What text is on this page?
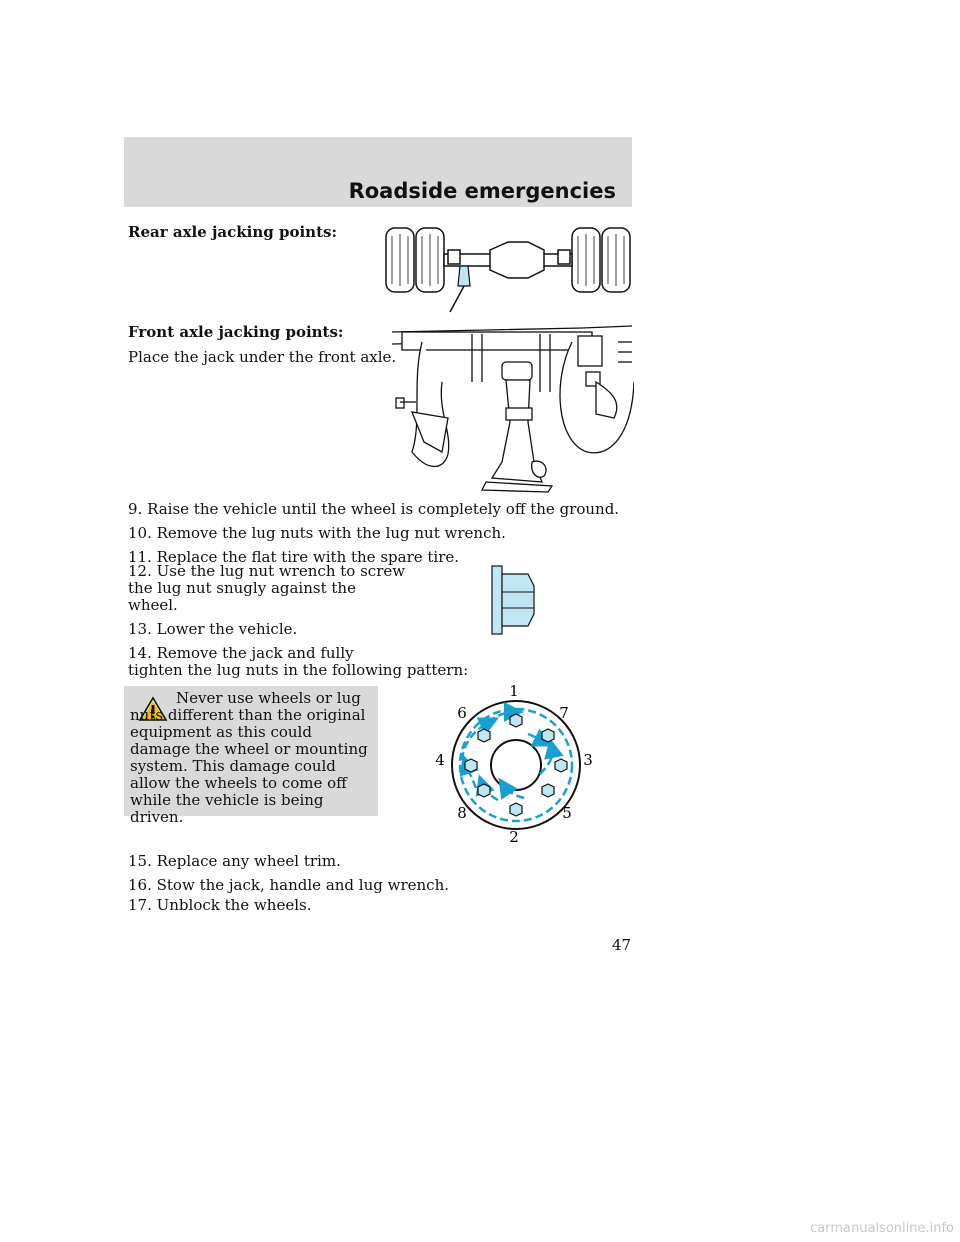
Roadside emergencies
Rear axle jacking points:
Front axle jacking points:
Place the jack under the front axle.
9. Raise the vehicle until the wheel is completely off the ground.
10. Remove the lug nuts with the lug nut wrench.
11. Replace the flat tire with the spare tire.
12. Use the lug nut wrench to screw
the lug nut snugly against the
wheel.
13. Lower the vehicle.
14. Remove the jack and fully
tighten the lug nuts in the following pattern:

Never use wheels or lug nuts different than the original equipment as this could damage the wheel or mounting system. This damage could allow the wheels to come off while the vehicle is being driven.

1
2
3
4
5
6	7
8
15. Replace any wheel trim.
16. Stow the jack, handle and lug wrench.
17. Unblock the wheels.
47
carmanualsonline.info
